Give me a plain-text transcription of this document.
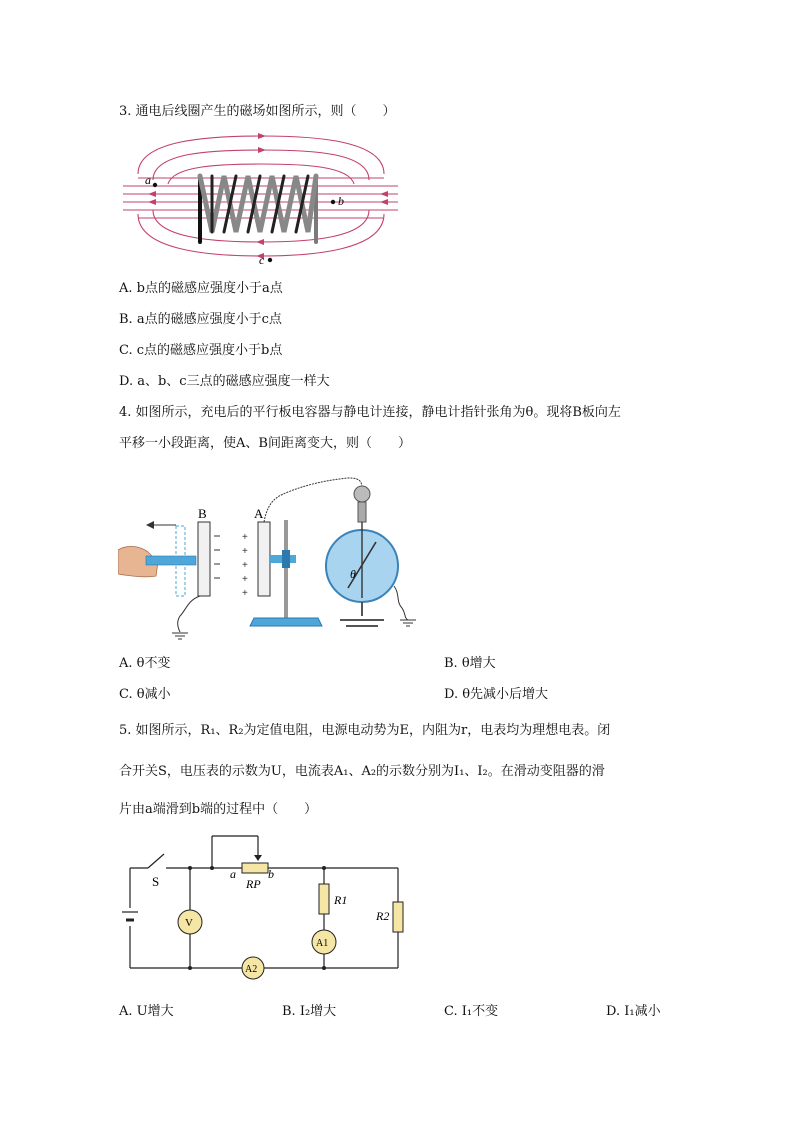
3. 通电后线圈产生的磁场如图所示，则（　　）
a
b
c
A. b点的磁感应强度小于a点
B. a点的磁感应强度小于c点
C. c点的磁感应强度小于b点
D. a、b、c三点的磁感应强度一样大
4. 如图所示，充电后的平行板电容器与静电计连接，静电计指针张角为θ。现将B板向左
平移一小段距离，使A、B间距离变大，则（　　）
B	A
+
+
+
+
+
θ
A. θ不变	B. θ增大
C. θ减小	D. θ先减小后增大
5. 如图所示，R₁、R₂为定值电阻，电源电动势为E，内阻为r，电表均为理想电表。闭
合开关S，电压表的示数为U，电流表A₁、A₂的示数分别为I₁、I₂。在滑动变阻器的滑
片由a端滑到b端的过程中（　　）
S	a	b
RP
R1
R2
V
A1
A2
A. U增大	B. I₂增大	C. I₁不变	D. I₁减小
